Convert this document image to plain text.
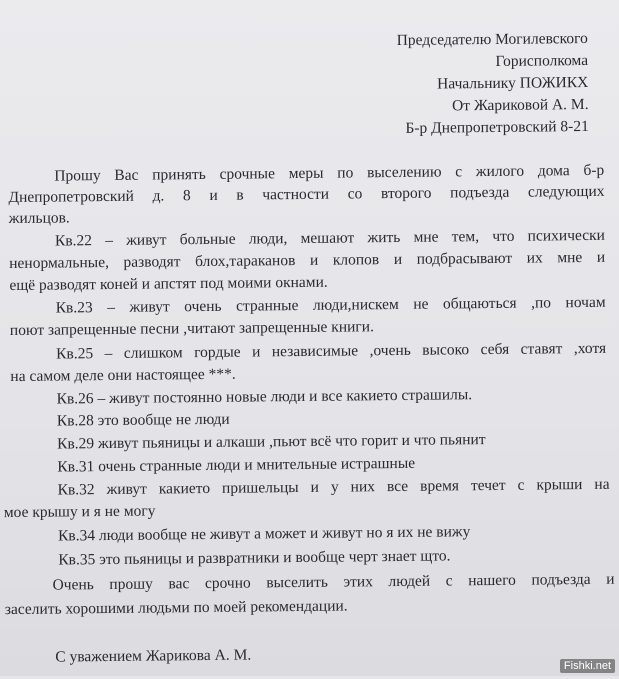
Председателю Могилевского
Горисполкома
Начальнику ПОЖИКХ
От Жариковой А. М.
Б-р Днепропетровский 8-21
Прошу Вас принять срочные меры по выселению с жилого дома б-р
Днепропетровский д. 8 и в частности со второго подъезда следующих
жильцов.
Кв.22 – живут больные люди, мешают жить мне тем, что психически
ненормальные, разводят блох,тараканов и клопов и подбрасывают их мне и
ещё разводят коней и апстят под моими окнами.
Кв.23 – живут очень странные люди,нискем не общаються ,по ночам
поют запрещенные песни ,читают запрещенные книги.
Кв.25 – слишком гордые и независимые ,очень высоко себя ставят ,хотя
на самом деле они настоящее ***.
Кв.26 – живут постоянно новые люди и все какието страшилы.
Кв.28 это вообще не люди
Кв.29 живут пьяницы и алкаши ,пьют всё что горит и что пьянит
Кв.31 очень странные люди и мнительные истрашные
Кв.32 живут какието пришельцы и у них все время течет с крыши на
мое крышу и я не могу
Кв.34 люди вообще не живут а может и живут но я их не вижу
Кв.35 это пьяницы и развратники и вообще черт знает щто.
Очень прошу вас срочно выселить этих людей с нашего подъезда и
заселить хорошими людьми по моей рекомендации.
С уважением Жарикова А. М.
Fishki.net
